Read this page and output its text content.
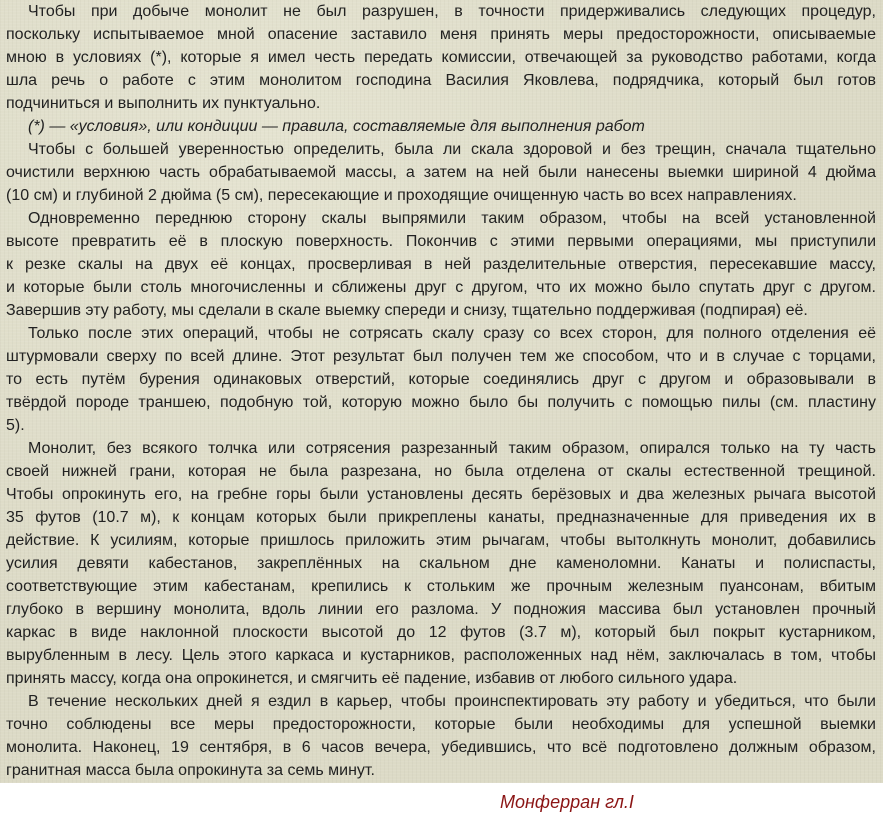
Чтобы при добыче монолит не был разрушен, в точности придерживались следующих процедур,
поскольку испытываемое мной опасение заставило меня принять меры предосторожности, описываемые
мною в условиях (*), которые я имел честь передать комиссии, отвечающей за руководство работами, когда
шла речь о работе с этим монолитом господина Василия Яковлева, подрядчика, который был готов
подчиниться и выполнить их пунктуально.
(*) — «условия», или кондиции — правила, составляемые для выполнения работ
Чтобы с большей уверенностью определить, была ли скала здоровой и без трещин, сначала тщательно
очистили верхнюю часть обрабатываемой массы, а затем на ней были нанесены выемки шириной 4 дюйма
(10 см) и глубиной 2 дюйма (5 см), пересекающие и проходящие очищенную часть во всех направлениях.
Одновременно переднюю сторону скалы выпрямили таким образом, чтобы на всей установленной
высоте превратить её в плоскую поверхность. Покончив с этими первыми операциями, мы приступили
к резке скалы на двух её концах, просверливая в ней разделительные отверстия, пересекавшие массу,
и которые были столь многочисленны и сближены друг с другом, что их можно было спутать друг с другом.
Завершив эту работу, мы сделали в скале выемку спереди и снизу, тщательно поддерживая (подпирая) её.
Только после этих операций, чтобы не сотрясать скалу сразу со всех сторон, для полного отделения её
штурмовали сверху по всей длине. Этот результат был получен тем же способом, что и в случае с торцами,
то есть путём бурения одинаковых отверстий, которые соединялись друг с другом и образовывали в
твёрдой породе траншею, подобную той, которую можно было бы получить с помощью пилы (см. пластину
5).
Монолит, без всякого толчка или сотрясения разрезанный таким образом, опирался только на ту часть
своей нижней грани, которая не была разрезана, но была отделена от скалы естественной трещиной.
Чтобы опрокинуть его, на гребне горы были установлены десять берёзовых и два железных рычага высотой
35 футов (10.7 м), к концам которых были прикреплены канаты, предназначенные для приведения их в
действие. К усилиям, которые пришлось приложить этим рычагам, чтобы вытолкнуть монолит, добавились
усилия девяти кабестанов, закреплённых на скальном дне каменоломни. Канаты и полиспасты,
соответствующие этим кабестанам, крепились к стольким же прочным железным пуансонам, вбитым
глубоко в вершину монолита, вдоль линии его разлома. У подножия массива был установлен прочный
каркас в виде наклонной плоскости высотой до 12 футов (3.7 м), который был покрыт кустарником,
вырубленным в лесу. Цель этого каркаса и кустарников, расположенных над нём, заключалась в том, чтобы
принять массу, когда она опрокинется, и смягчить её падение, избавив от любого сильного удара.
В течение нескольких дней я ездил в карьер, чтобы проинспектировать эту работу и убедиться, что были
точно соблюдены все меры предосторожности, которые были необходимы для успешной выемки
монолита. Наконец, 19 сентября, в 6 часов вечера, убедившись, что всё подготовлено должным образом,
гранитная масса была опрокинута за семь минут.
Монферран гл.I
